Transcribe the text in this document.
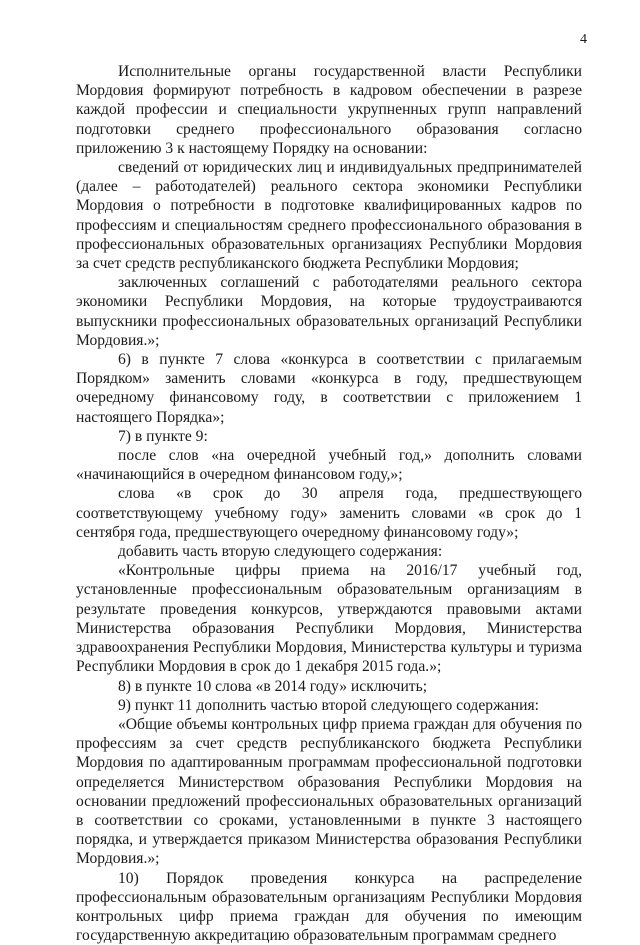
4

Исполнительные органы государственной власти Республики Мордовия формируют потребность в кадровом обеспечении в разрезе каждой профессии и специальности укрупненных групп направлений подготовки среднего профессионального образования согласно приложению 3 к настоящему Порядку на основании:

сведений от юридических лиц и индивидуальных предпринимателей (далее – работодателей) реального сектора экономики Республики Мордовия о потребности в подготовке квалифицированных кадров по профессиям и специальностям среднего профессионального образования в профессиональных образовательных организациях Республики Мордовия за счет средств республиканского бюджета Республики Мордовия;

заключенных соглашений с работодателями реального сектора экономики Республики Мордовия, на которые трудоустраиваются выпускники профессиональных образовательных организаций Республики Мордовия.»;

6) в пункте 7 слова «конкурса в соответствии с прилагаемым Порядком» заменить словами «конкурса в году, предшествующем очередному финансовому году, в соответствии с приложением 1 настоящего Порядка»;

7) в пункте 9:

после слов «на очередной учебный год,» дополнить словами «начинающийся в очередном финансовом году,»;

слова «в срок до 30 апреля года, предшествующего соответствующему учебному году» заменить словами «в срок до 1 сентября года, предшествующего очередному финансовому году»;

добавить часть вторую следующего содержания:

«Контрольные цифры приема на 2016/17 учебный год, установленные профессиональным образовательным организациям в результате проведения конкурсов, утверждаются правовыми актами Министерства образования Республики Мордовия, Министерства здравоохранения Республики Мордовия, Министерства культуры и туризма Республики Мордовия в срок до 1 декабря 2015 года.»;

8) в пункте 10 слова «в 2014 году» исключить;

9) пункт 11 дополнить частью второй следующего содержания:

«Общие объемы контрольных цифр приема граждан для обучения по профессиям за счет средств республиканского бюджета Республики Мордовия по адаптированным программам профессиональной подготовки определяется Министерством образования Республики Мордовия на основании предложений профессиональных образовательных организаций в соответствии со сроками, установленными в пункте 3 настоящего порядка, и утверждается приказом Министерства образования Республики Мордовия.»;

10) Порядок проведения конкурса на распределение профессиональным образовательным организациям Республики Мордовия контрольных цифр приема граждан для обучения по имеющим государственную аккредитацию образовательным программам среднего
